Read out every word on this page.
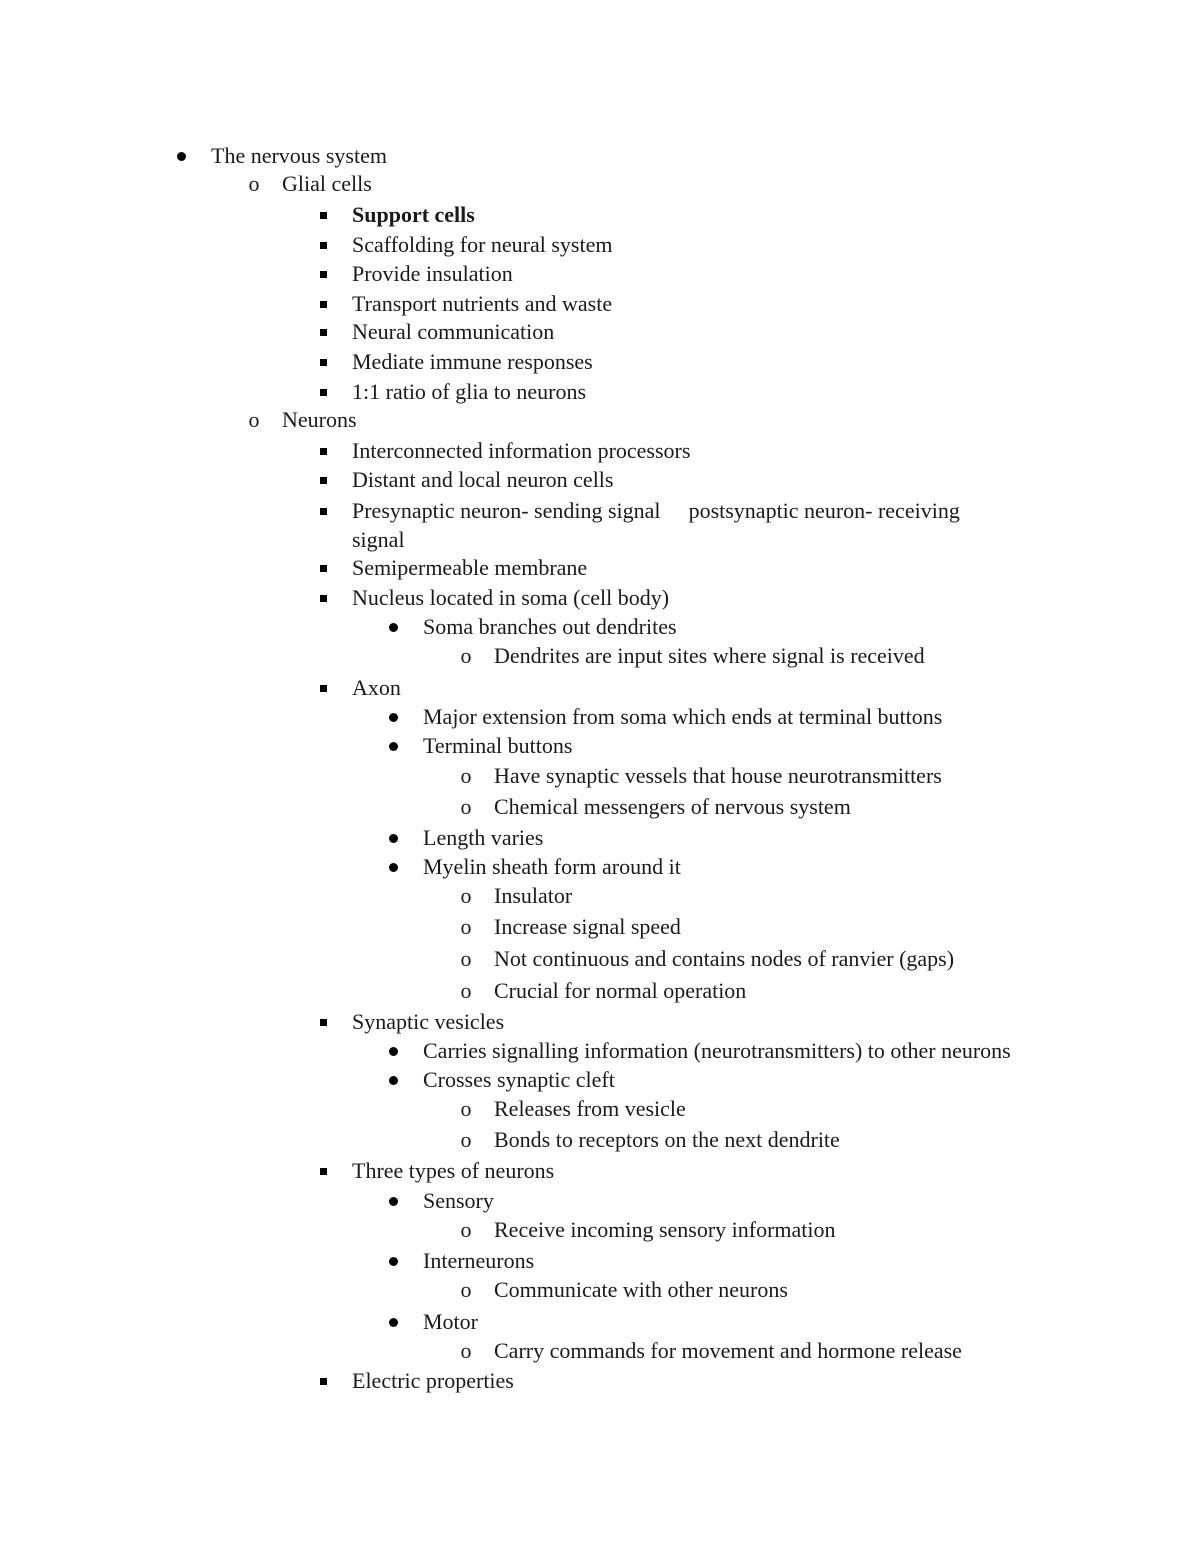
The nervous system
o
Glial cells
Support cells
Scaffolding for neural system
Provide insulation
Transport nutrients and waste
Neural communication
Mediate immune responses
1:1 ratio of glia to neurons
o
Neurons
Interconnected information processors
Distant and local neuron cells
Presynaptic neuron- sending signal postsynaptic neuron- receiving
signal
Semipermeable membrane
Nucleus located in soma (cell body)
Soma branches out dendrites
o
Dendrites are input sites where signal is received
Axon
Major extension from soma which ends at terminal buttons
Terminal buttons
o
Have synaptic vessels that house neurotransmitters
o
Chemical messengers of nervous system
Length varies
Myelin sheath form around it
o
Insulator
o
Increase signal speed
o
Not continuous and contains nodes of ranvier (gaps)
o
Crucial for normal operation
Synaptic vesicles
Carries signalling information (neurotransmitters) to other neurons
Crosses synaptic cleft
o
Releases from vesicle
o
Bonds to receptors on the next dendrite
Three types of neurons
Sensory
o
Receive incoming sensory information
Interneurons
o
Communicate with other neurons
Motor
o
Carry commands for movement and hormone release
Electric properties
